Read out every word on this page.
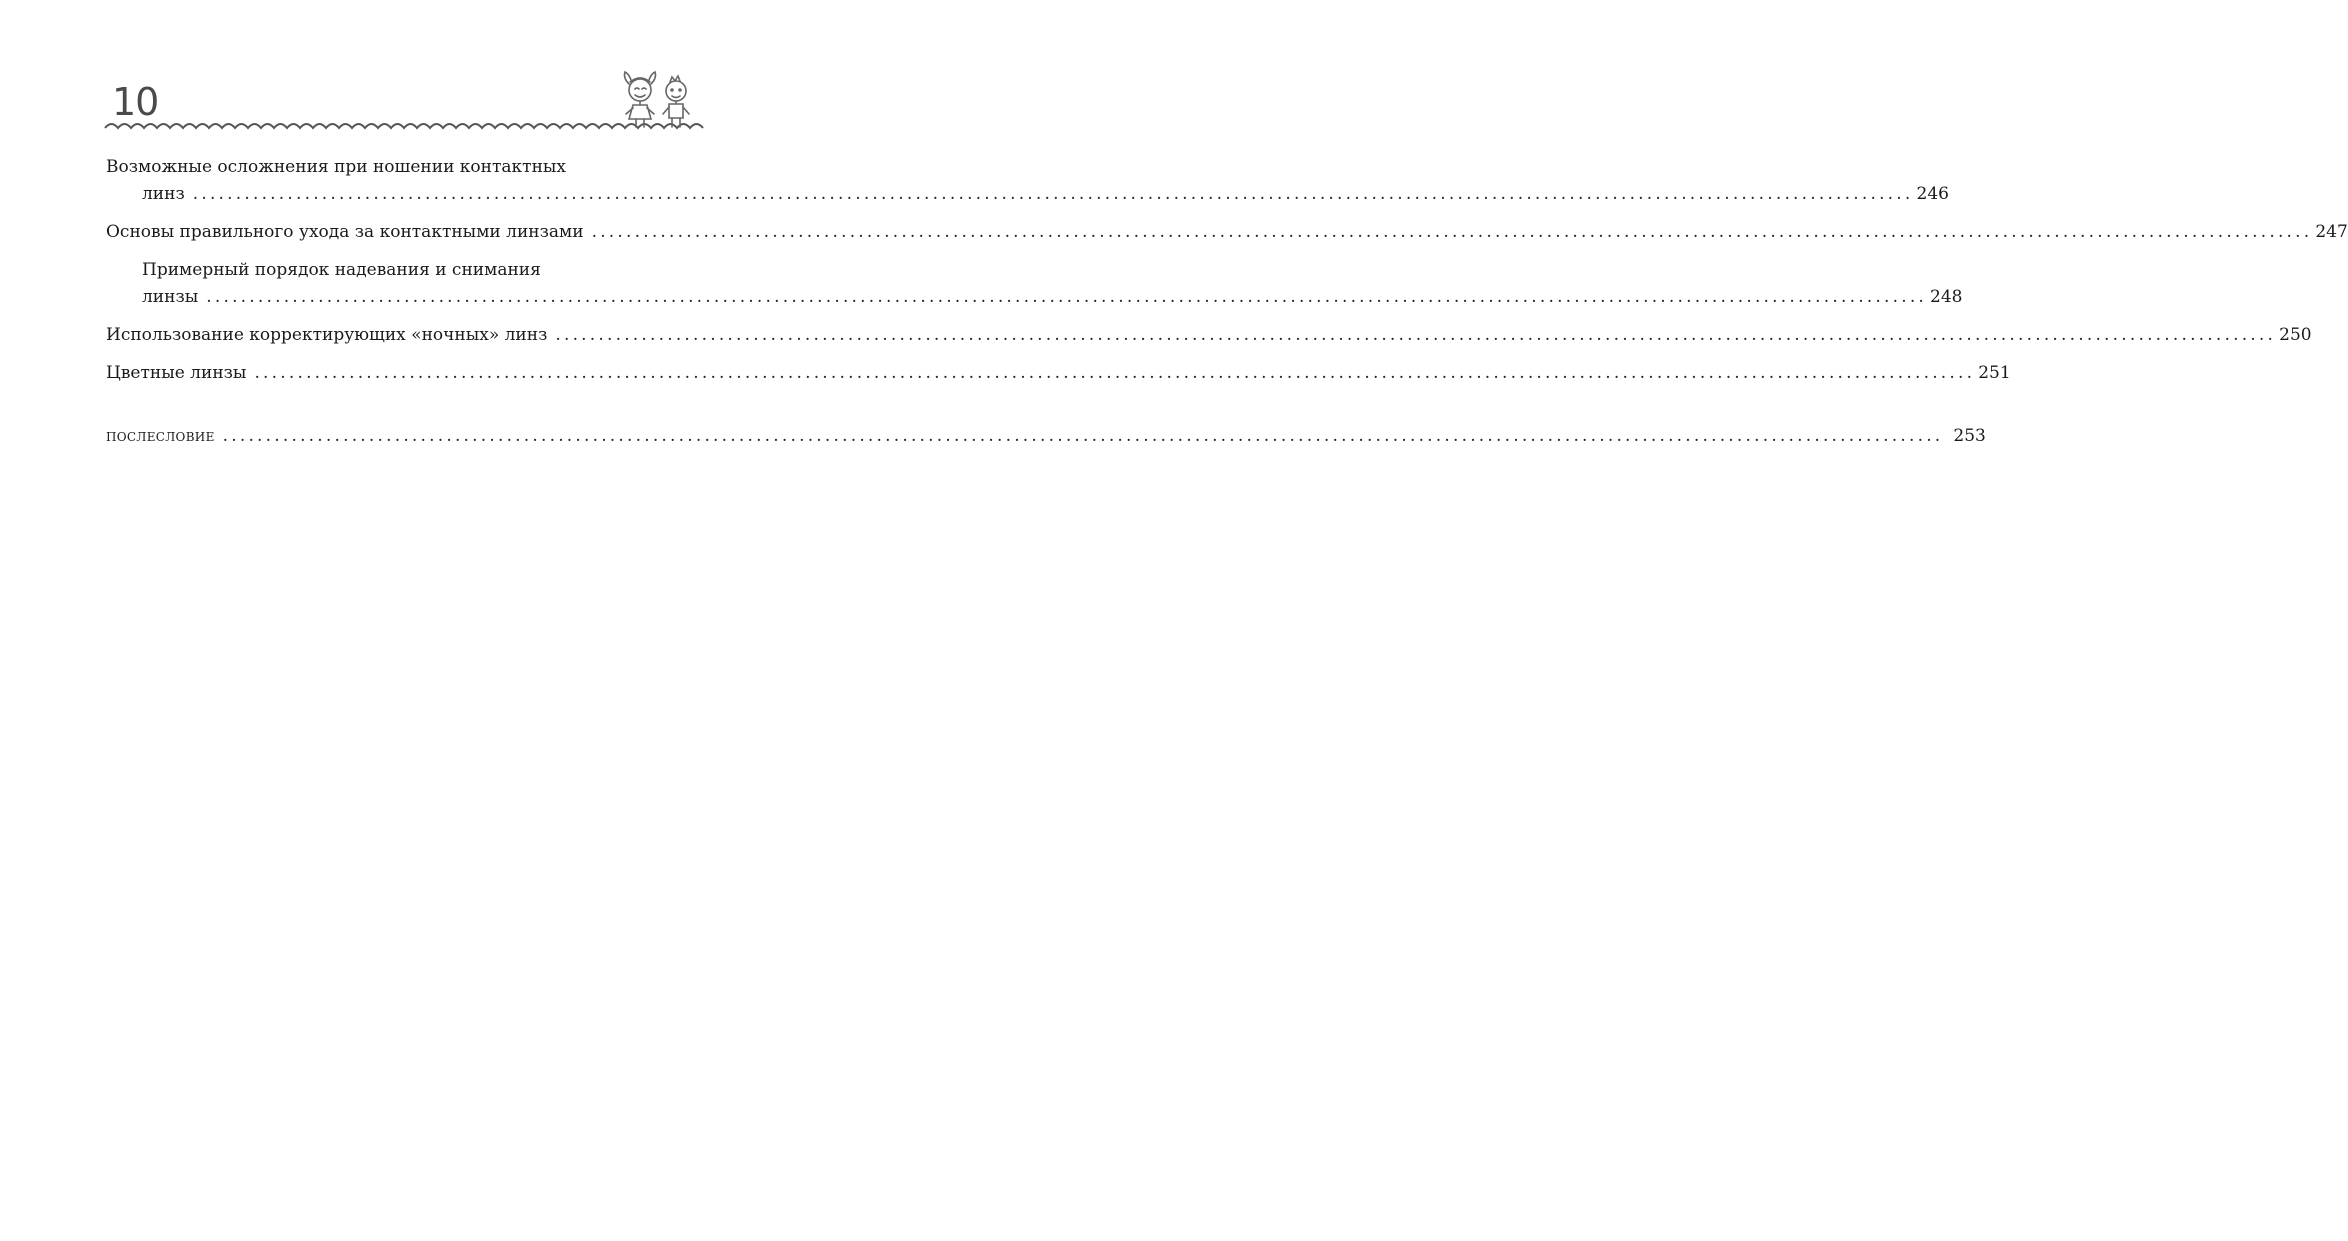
10
Возможные осложнения при ношении контактных
линз ........................................................................................................................................................................................................ 246
Основы правильного ухода за контактными линзами ........................................................................................................................................................................................................ 247
Примерный порядок надевания и снимания
линзы ........................................................................................................................................................................................................ 248
Использование корректирующих «ночных» линз ........................................................................................................................................................................................................ 250
Цветные линзы ........................................................................................................................................................................................................ 251
послесловие ........................................................................................................................................................................................................ 253
